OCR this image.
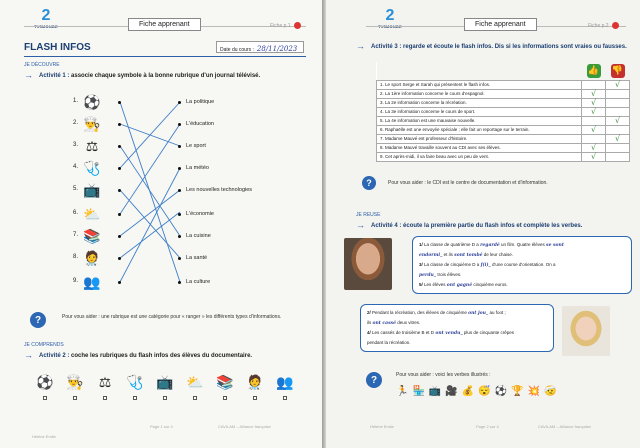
2
Fiche apprenant	Fiche p.1
FLASH INFOS	Date du cours : 28/11/2023
JE DÉCOUVRE
→ Activité 1 : associe chaque symbole à la bonne rubrique d'un journal télévisé.
?	Pour vous aider : une rubrique est une catégorie pour « ranger » les différents types d'informations.
JE COMPRENDS
→ Activité 2 : coche les rubriques du flash infos des élèves du documentaire.
Hélène Emile
Page 1 sur 4	CAVILAM – Alliance française
1. ⚽
2. 👨‍🍳
3. ⚖
4. 🩺
5. 📺
6. ⛅
7. 📚
8. 🧑‍⚕️
9. 👥
La politique
L'éducation
Le sport
La météo
Les nouvelles technologies
L'économie
La cuisine
La santé
La culture
⚽ 👨‍🍳	⚖	🩺 📺 ⛅ 📚 🧑‍⚕️ 👥
2
Fiche apprenant	Fiche p.2
→ Activité 3 : regarde et écoute le flash infos. Dis si les informations sont vraies ou fausses.
	👍	👎
1. Le sport Serge et Sarah qui présentent le flash infos.		√
2. La 1ère information concerne le cours d'espagnol.	√	
3. La 2e information concerne la récréation.	√	
4. La 3e information concerne le cours de sport.	√	
5. La 4e information est une mauvaise nouvelle.		√
6. Raphaëlle est une envoyée spéciale ; elle fait un reportage sur le terrain.	√	
7. Madame Mauvé est professeur d'histoire.		√
8. Madame Mauvé travaille souvent au CDI avec ses élèves.	√	
9. Cet après-midi, il va faire beau avec un peu de vent.	√	
?	Pour vous aider : le CDI est le centre de documentation et d'information.
JE REUSE
→ Activité 4 : écoute la première partie du flash infos et complète les verbes.
1/ La classe de quatrième D a regardé un film. Quatre élèves se sont
endormi_ et ils sont tombé de leur chaise.
3/ La classe de cinquième D a f(i)_ d'une course d'orientation. On a
perdu_ trois élèves.
5/ Les élèves ont gagné cinquième euros.
2/ Pendant la récréation, des élèves de cinquième ont jou_ au foot ;
ils ont cassé deux vitres.
4/ Les cassés de troisième B et D ont vendu_ plus de cinquante crêpes
pendant la récréation.
?	Pour vous aider : voici les verbes illustrés :
Hélène Emile	Page 2 sur 4	CAVILAM – Alliance française
🏃 🏪 📺 🎥 💰 😴 ⚽ 🏆 💥 🤕
